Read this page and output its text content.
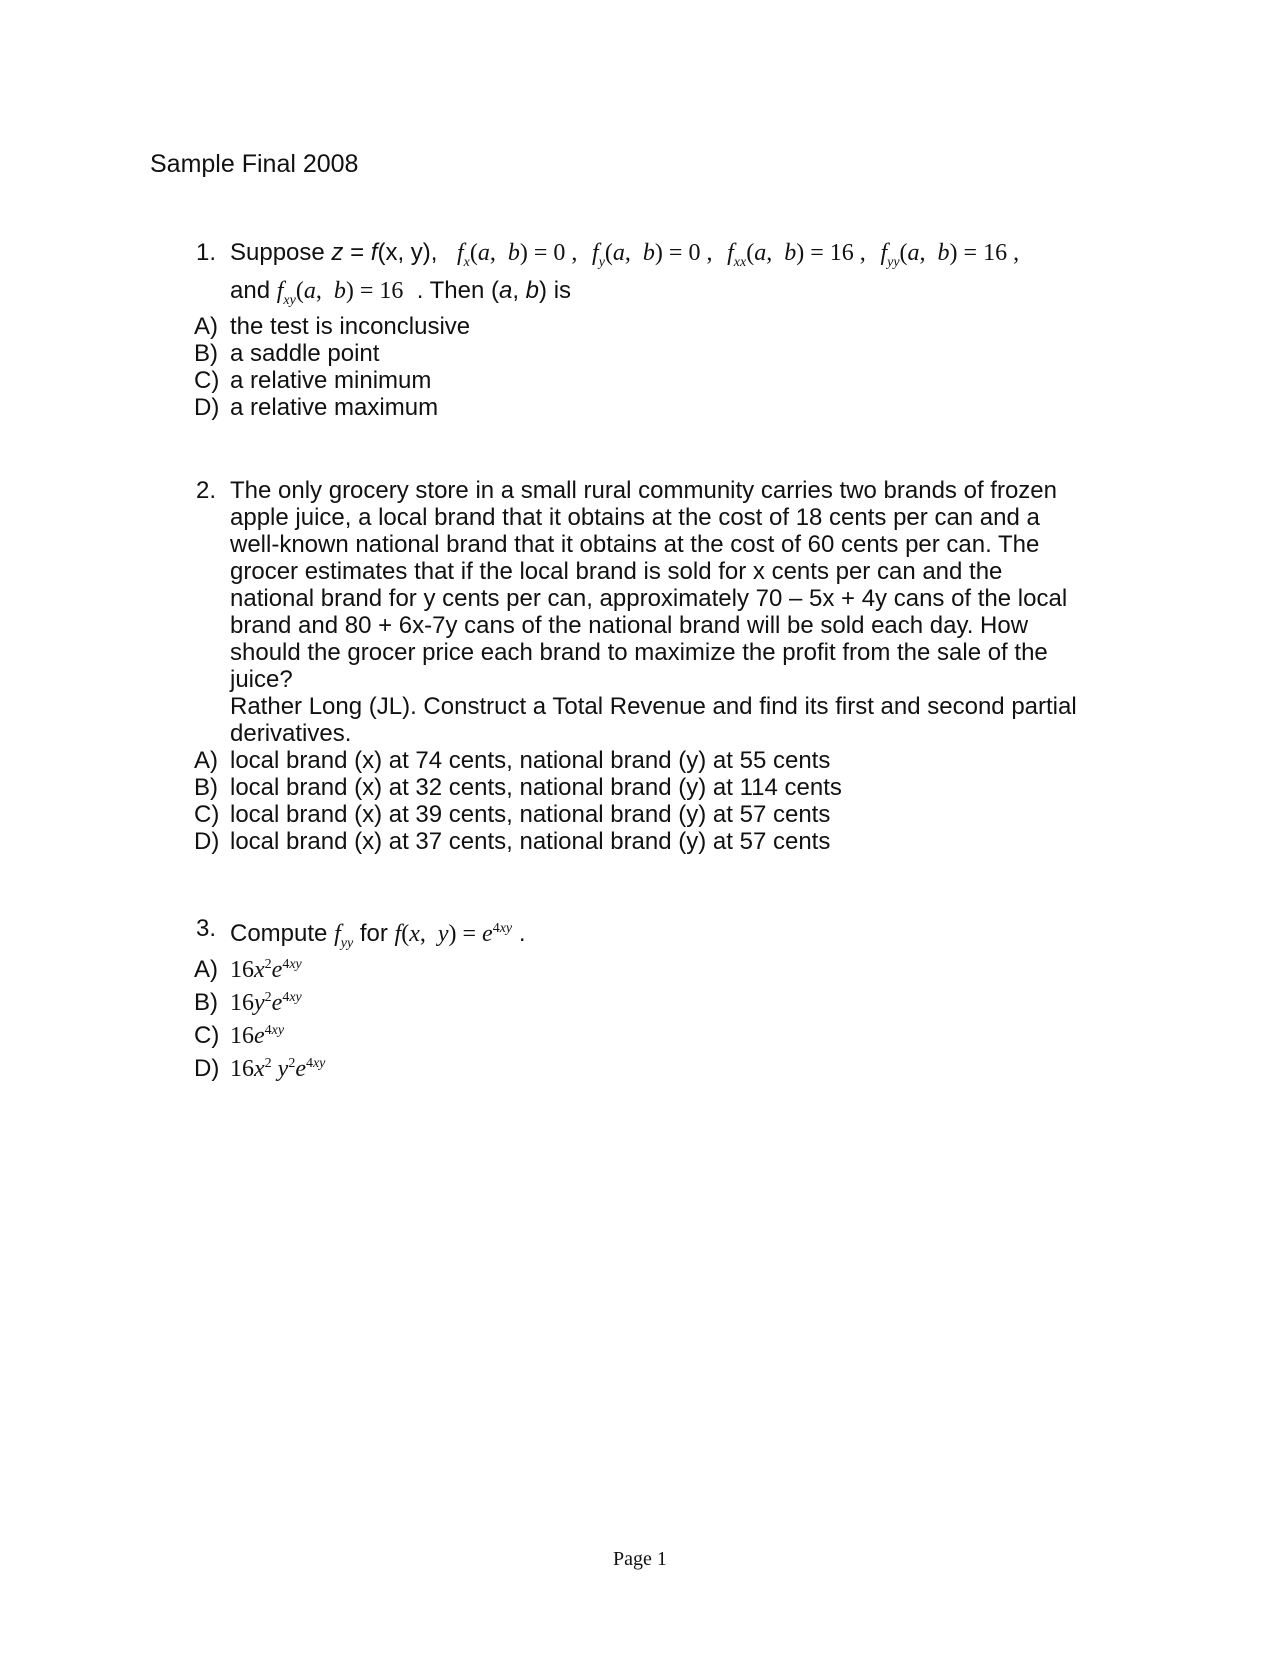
Sample Final 2008
1. Suppose z = f(x, y),   $f_x(a$,  b) = 0 , $f_y(a$,  b) = 0 , $f_{xx}(a$,  b) = 16 , $f_{yy}(a$,  b) = 16 ,
and $f_{xy}(a$,  b) = 16  . Then (a, b) is
A) the test is inconclusive
B) a saddle point
C) a relative minimum
D) a relative maximum
2. The only grocery store in a small rural community carries two brands of frozen
apple juice, a local brand that it obtains at the cost of 18 cents per can and a
well-known national brand that it obtains at the cost of 60 cents per can. The
grocer estimates that if the local brand is sold for x cents per can and the
national brand for y cents per can, approximately 70 – 5x + 4y cans of the local
brand and 80 + 6x-7y cans of the national brand will be sold each day. How
should the grocer price each brand to maximize the profit from the sale of the
juice?
Rather Long (JL). Construct a Total Revenue and find its first and second partial
derivatives.
A) local brand (x) at 74 cents, national brand (y) at 55 cents
B) local brand (x) at 32 cents, national brand (y) at 114 cents
C) local brand (x) at 39 cents, national brand (y) at 57 cents
D) local brand (x) at 37 cents, national brand (y) at 57 cents
3. Compute $f_{yy}$ for f(x,  $y) = e^{4xy}$ .
A) $16x^2e^{4xy}$
B) $16y^2e^{4xy}$
C) $16e^{4xy}$
D) $16x^2$ $y^2e^{4xy}$
Page 1
